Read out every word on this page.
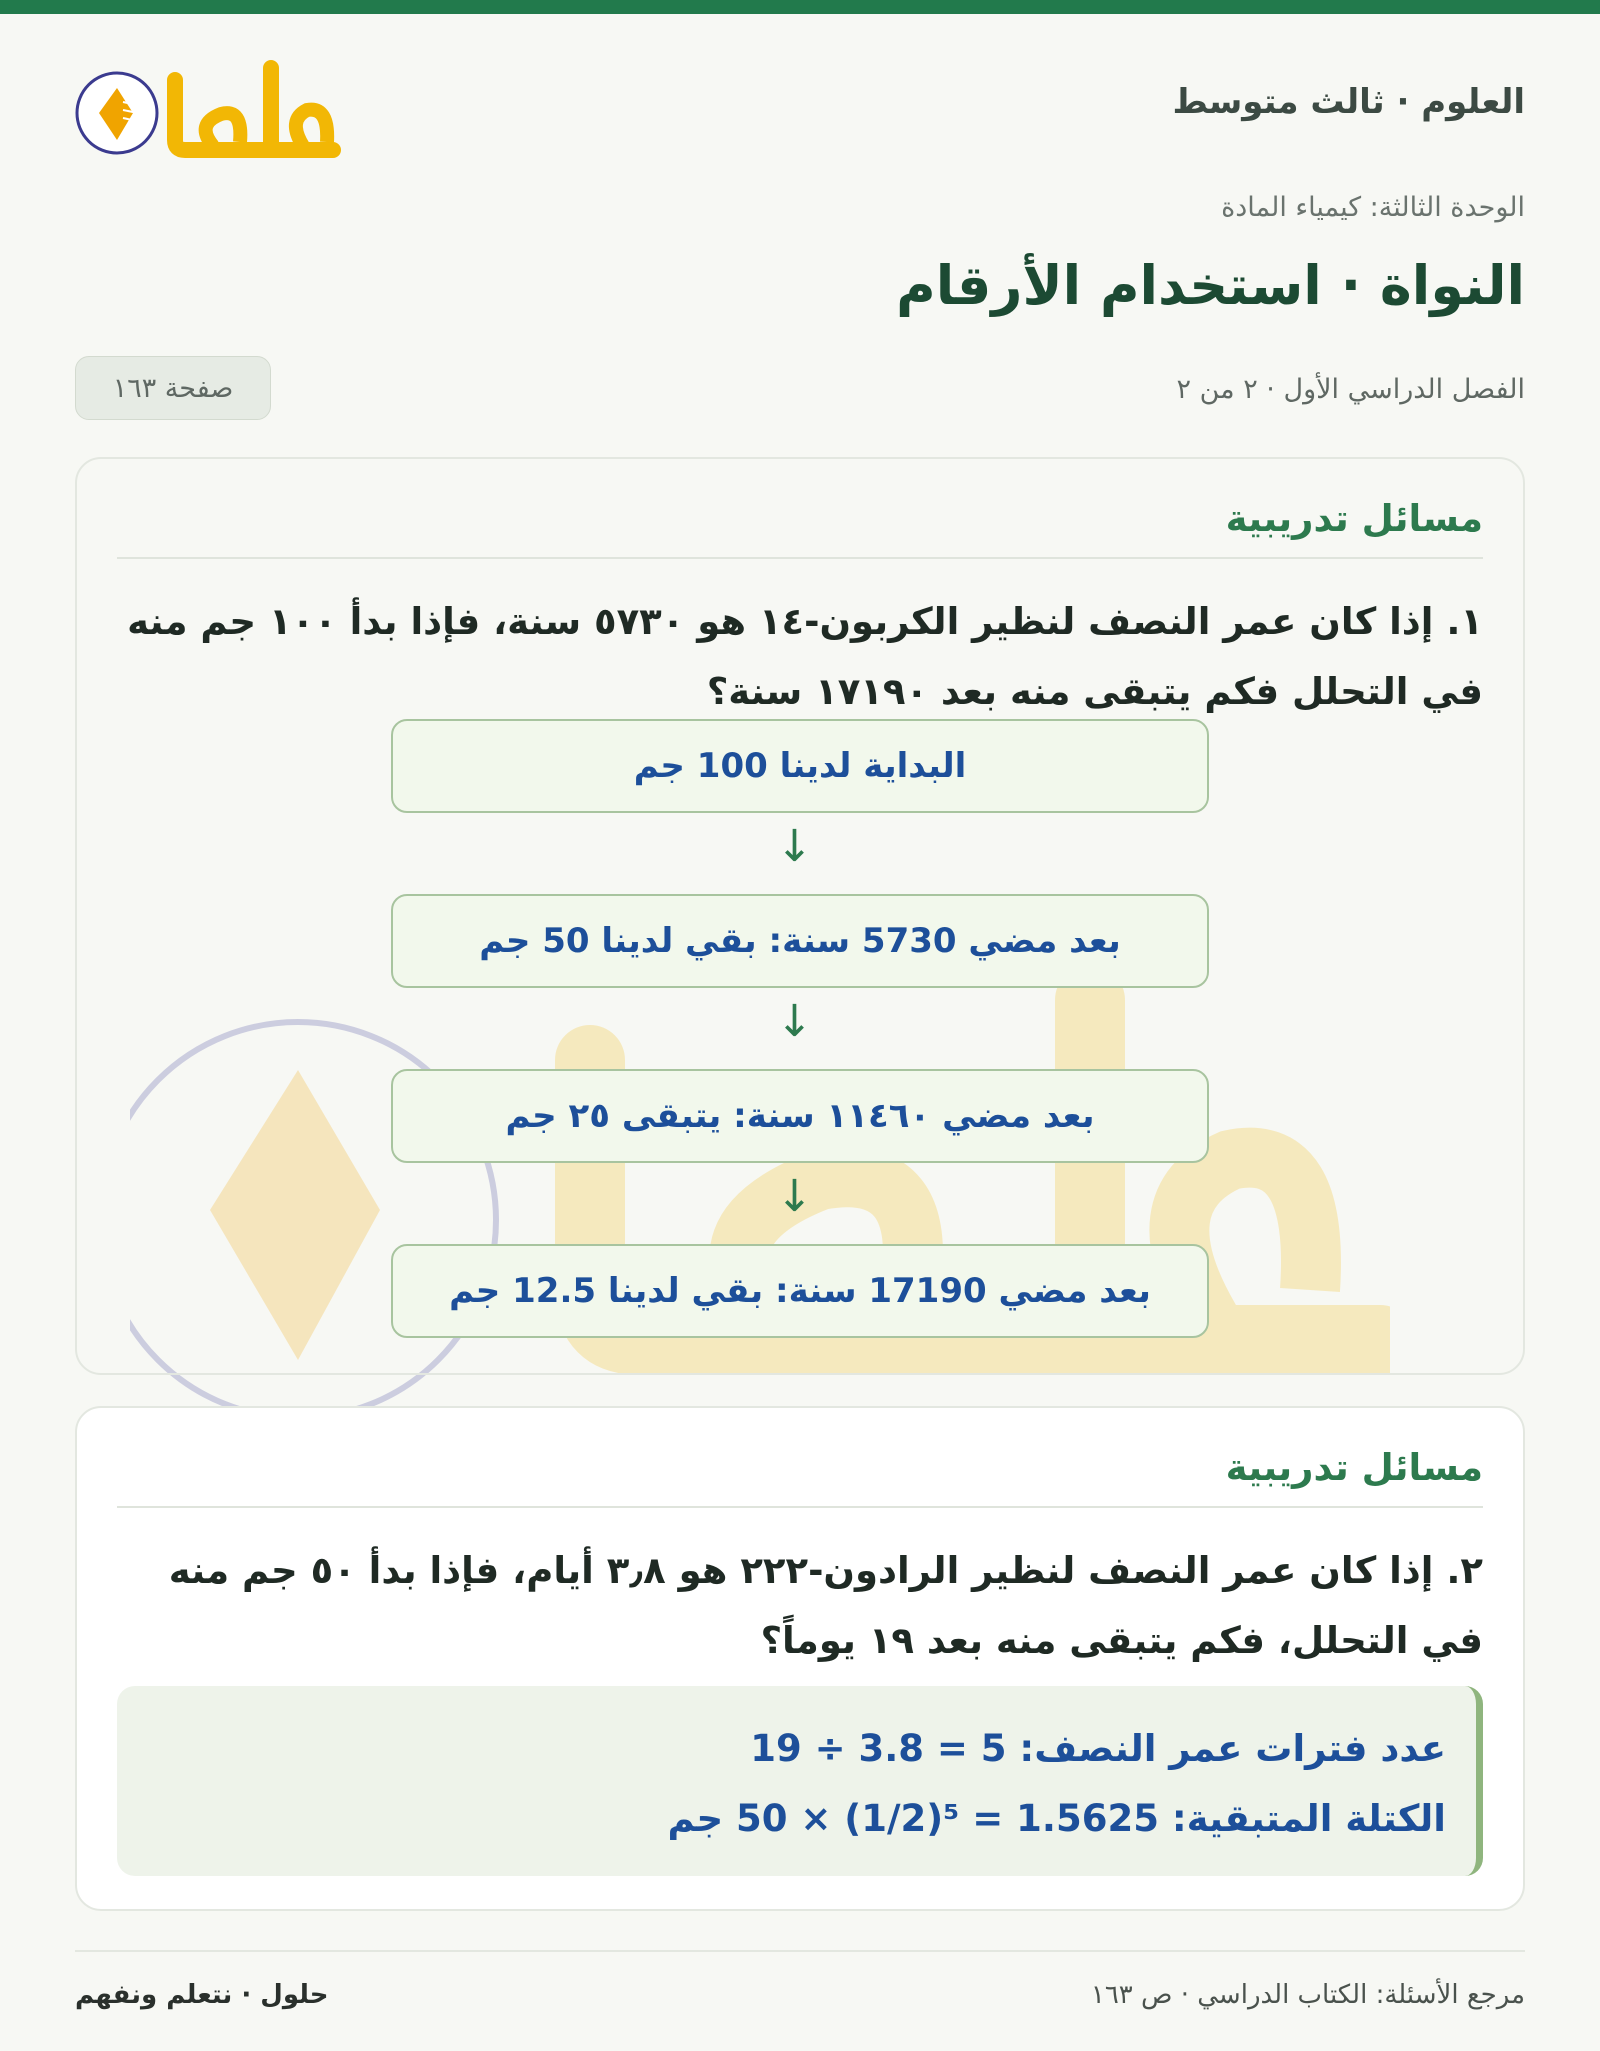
العلوم · ثالث متوسط
الوحدة الثالثة: كيمياء المادة
النواة · استخدام الأرقام
الفصل الدراسي الأول · ٢ من ٢
صفحة ١٦٣
مسائل تدريبية
١. إذا كان عمر النصف لنظير الكربون-١٤ هو ٥٧٣٠ سنة، فإذا بدأ ١٠٠ جم منه في التحلل فكم يتبقى منه بعد ١٧١٩٠ سنة؟
البداية لدينا 100 جم
↓
بعد مضي 5730 سنة: بقي لدينا 50 جم
↓
بعد مضي ١١٤٦٠ سنة: يتبقى ٢٥ جم
↓
بعد مضي 17190 سنة: بقي لدينا 12.5 جم
مسائل تدريبية
٢. إذا كان عمر النصف لنظير الرادون-٢٢٢ هو ٣٫٨ أيام، فإذا بدأ ٥٠ جم منه في التحلل، فكم يتبقى منه بعد ١٩ يوماً؟
عدد فترات عمر النصف: 5 = 3.8 ÷ 19
الكتلة المتبقية: 1.5625 = ⁵(1/2) × 50 جم
مرجع الأسئلة: الكتاب الدراسي · ص ١٦٣
حلول · نتعلم ونفهم
